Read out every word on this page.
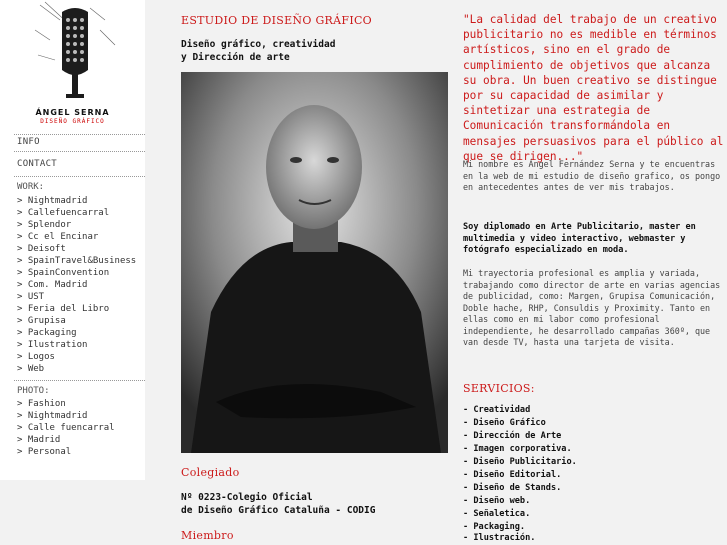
ÁNGEL SERNA
DISEÑO GRÁFICO
INFO
CONTACT
WORK:
> Nightmadrid
> Callefuencarral
> Splendor
> Cc el Encinar
> Deisoft
> SpainTravel&Business
> SpainConvention
> Com. Madrid
> UST
> Feria del Libro
> Grupisa
> Packaging
> Ilustration
> Logos
> Web
PHOTO:
> Fashion
> Nightmadrid
> Calle fuencarral
> Madrid
> Personal
ESTUDIO DE DISEÑO GRÁFICO
Diseño gráfico, creatividad
y Dirección de arte
Colegiado
Nº 0223-Colegio Oficial
de Diseño Gráfico Cataluña - CODIG
Miembro
"La calidad del trabajo de un creativo publicitario no es medible en términos artísticos, sino en el grado de cumplimiento de objetivos que alcanza su obra. Un buen creativo se distingue por su capacidad de asimilar y sintetizar una estrategia de Comunicación transformándola en mensajes persuasivos para el público al que se dirigen..."
Mi nombre es Ángel Fernández Serna y te encuentras en la web de mi estudio de diseño grafico, os pongo en antecedentes antes de ver mis trabajos.
Soy diplomado en Arte Publicitario, master en multimedia y video interactivo, webmaster y fotógrafo especializado en moda.
Mi trayectoria profesional es amplia y variada, trabajando como director de arte en varias agencias de publicidad, como: Margen, Grupisa Comunicación, Doble hache, RHP, Consuldis y Proximity. Tanto en ellas como en mi labor como profesional independiente, he desarrollado campañas 360º, que van desde TV, hasta una tarjeta de visita.
SERVICIOS:
- Creatividad
- Diseño Gráfico
- Dirección de Arte
- Imagen corporativa.
- Diseño Publicitario.
- Diseño Editorial.
- Diseño de Stands.
- Diseño web.
- Señaletica.
- Packaging.
- Ilustración.
